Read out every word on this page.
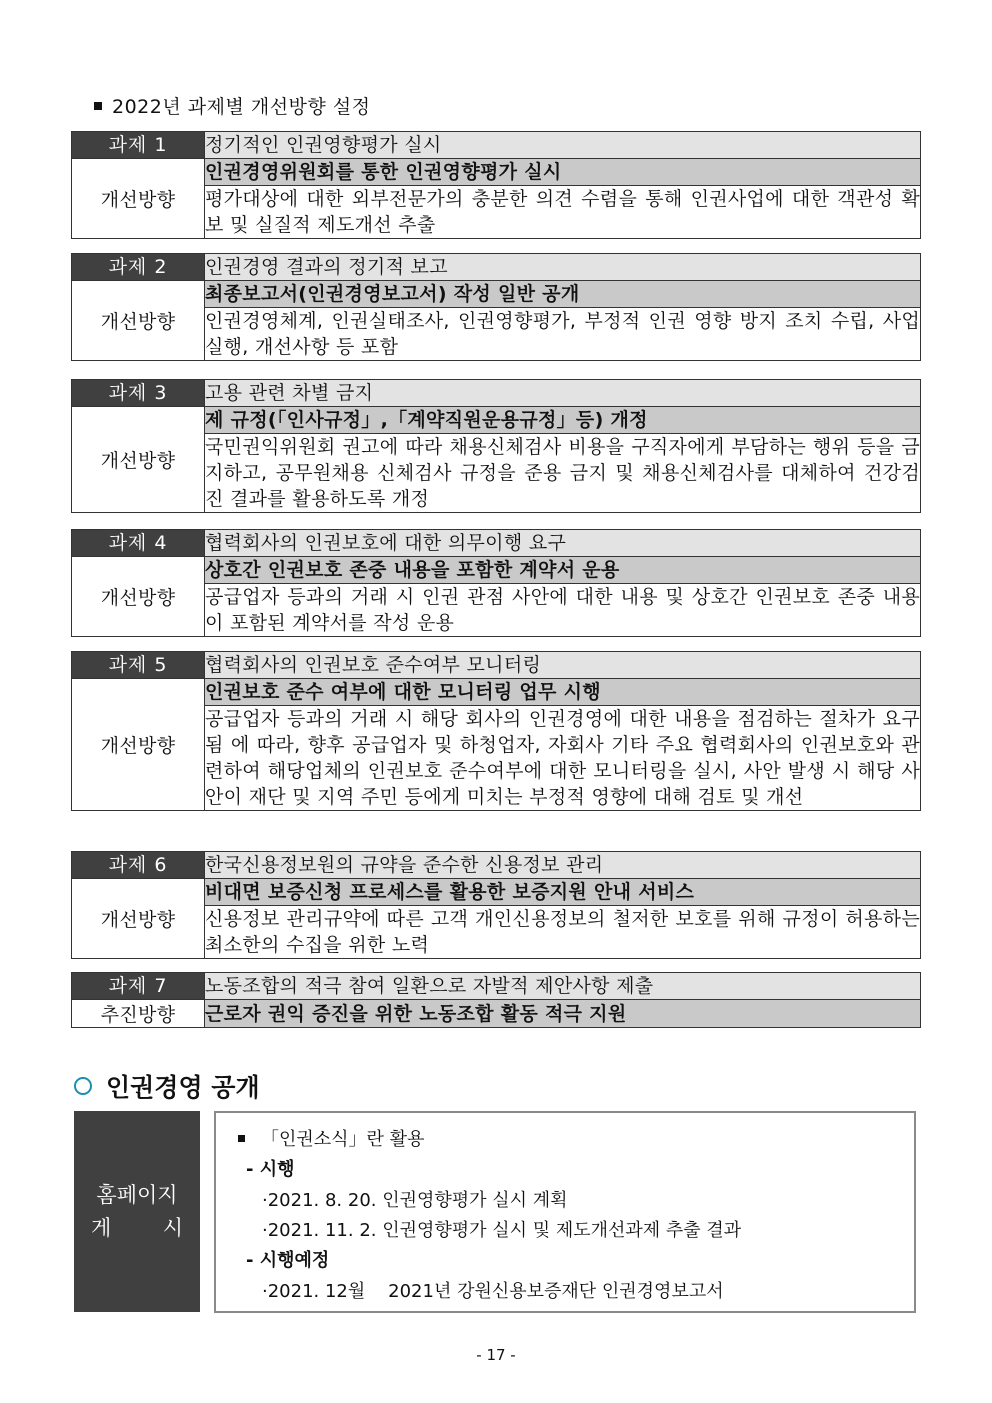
2022년 과제별 개선방향 설정
과제 1	정기적인 인권영향평가 실시
개선방향	인권경영위원회를 통한 인권영향평가 실시
	평가대상에 대한 외부전문가의 충분한 의견 수렴을 통해 인권사업에 대한 객관성 확보 및 실질적 제도개선 추출
과제 2	인권경영 결과의 정기적 보고
개선방향	최종보고서(인권경영보고서) 작성 일반 공개
	인권경영체계, 인권실태조사, 인권영향평가, 부정적 인권 영향 방지 조치 수립, 사업실행, 개선사항 등 포함
과제 3	고용 관련 차별 금지
개선방향	제 규정(「인사규정」,「계약직원운용규정」등) 개정
	국민권익위원회 권고에 따라 채용신체검사 비용을 구직자에게 부담하는 행위 등을 금지하고, 공무원채용 신체검사 규정을 준용 금지 및 채용신체검사를 대체하여 건강검진 결과를 활용하도록 개정
과제 4	협력회사의 인권보호에 대한 의무이행 요구
개선방향	상호간 인권보호 존중 내용을 포함한 계약서 운용
	공급업자 등과의 거래 시 인권 관점 사안에 대한 내용 및 상호간 인권보호 존중 내용이 포함된 계약서를 작성 운용
과제 5	협력회사의 인권보호 준수여부 모니터링
개선방향	인권보호 준수 여부에 대한 모니터링 업무 시행
	공급업자 등과의 거래 시 해당 회사의 인권경영에 대한 내용을 점검하는 절차가 요구 됨 에 따라, 향후 공급업자 및 하청업자, 자회사 기타 주요 협력회사의 인권보호와 관련하여 해당업체의 인권보호 준수여부에 대한 모니터링을 실시, 사안 발생 시 해당 사안이 재단 및 지역 주민 등에게 미치는 부정적 영향에 대해 검토 및 개선
과제 6	한국신용정보원의 규약을 준수한 신용정보 관리
개선방향	비대면 보증신청 프로세스를 활용한 보증지원 안내 서비스
	신용정보 관리규약에 따른 고객 개인신용정보의 철저한 보호를 위해 규정이 허용하는 최소한의 수집을 위한 노력
과제 7	노동조합의 적극 참여 일환으로 자발적 제안사항 제출
추진방향	근로자 권익 증진을 위한 노동조합 활동 적극 지원
인권경영 공개
홈페이지
게 시
「인권소식」란 활용
- 시행
·2021. 8. 20. 인권영향평가 실시 계획
·2021. 11. 2. 인권영향평가 실시 및 제도개선과제 추출 결과
- 시행예정
·2021. 12월    2021년 강원신용보증재단 인권경영보고서
- 17 -
